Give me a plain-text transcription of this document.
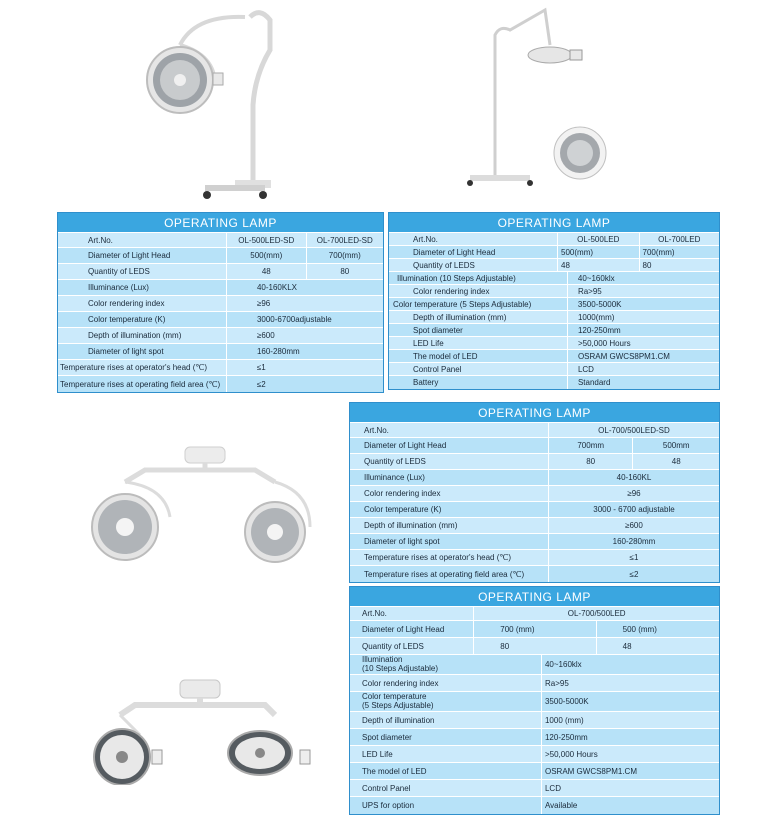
OPERATING LAMP
Art.No.	OL-500LED-SD	OL-700LED-SD
Diameter of Light Head	500(mm)	700(mm)
Quantity of LEDS	48	80
Illuminance (Lux)	40-160KLX
Color rendering index	≥96
Color temperature (K)	3000-6700adjustable
Depth of illumination (mm)	≥600
Diameter of light spot	160-280mm
Temperature rises at operator's head (℃)	≤1
Temperature rises at operating field area (℃)	≤2
OPERATING LAMP
Art.No.	OL-500LED	OL-700LED
Diameter of Light Head	500(mm)	700(mm)
Quantity of LEDS	48	80
Illumination (10 Steps Adjustable)	40~160klx
Color rendering index	Ra>95
Color temperature (5 Steps Adjustable)	3500-5000K
Depth of illumination (mm)	1000(mm)
Spot diameter	120-250mm
LED Life	>50,000 Hours
The model of LED	OSRAM GWCS8PM1.CM
Control Panel	LCD
Battery	Standard
OPERATING LAMP
Art.No.	OL-700/500LED-SD
Diameter of Light Head	700mm	500mm
Quantity of LEDS	80	48
Illuminance (Lux)	40-160KL
Color rendering index	≥96
Color temperature (K)	3000 - 6700 adjustable
Depth of illumination (mm)	≥600
Diameter of light spot	160-280mm
Temperature rises at operator's head (℃)	≤1
Temperature rises at operating field area (℃)	≤2
OPERATING LAMP
Art.No.	OL-700/500LED
Diameter of Light Head	700 (mm)	500 (mm)
Quantity of LEDS	80	48
Illumination
(10 Steps Adjustable)	40~160klx
Color rendering index	Ra>95
Color temperature
(5 Steps Adjustable)	3500-5000K
Depth of illumination	1000 (mm)
Spot diameter	120-250mm
LED Life	>50,000 Hours
The model of LED	OSRAM GWCS8PM1.CM
Control Panel	LCD
UPS for option	Available
